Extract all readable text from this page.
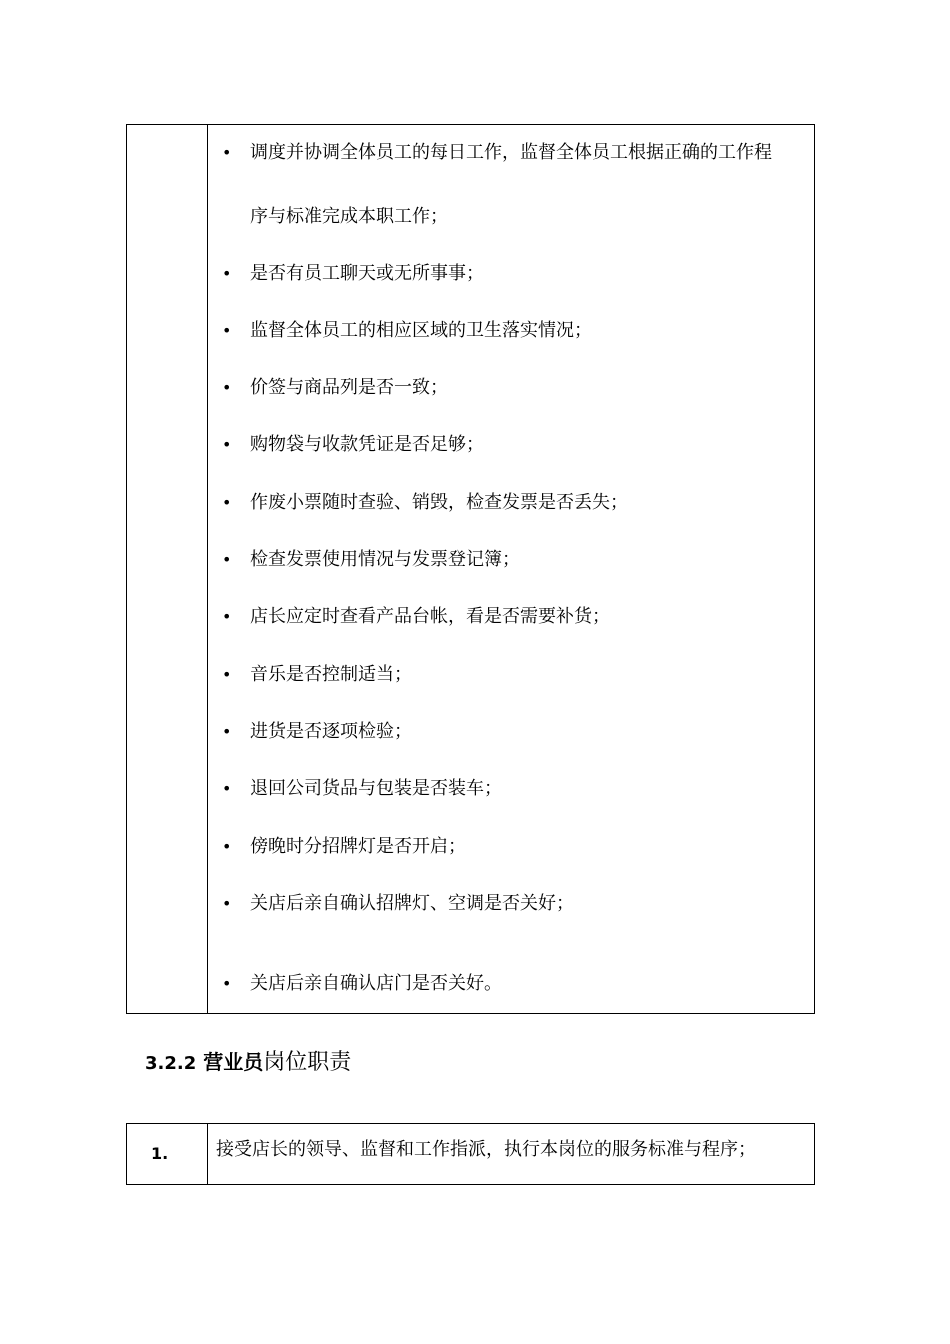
• 调度并协调全体员工的每日工作，监督全体员工根据正确的工作程
序与标准完成本职工作；
• 是否有员工聊天或无所事事；
• 监督全体员工的相应区域的卫生落实情况；
• 价签与商品列是否一致；
• 购物袋与收款凭证是否足够；
• 作废小票随时查验、销毁，检查发票是否丢失；
• 检查发票使用情况与发票登记簿；
• 店长应定时查看产品台帐，看是否需要补货；
• 音乐是否控制适当；
• 进货是否逐项检验；
• 退回公司货品与包装是否装车；
• 傍晚时分招牌灯是否开启；
• 关店后亲自确认招牌灯、空调是否关好；
• 关店后亲自确认店门是否关好。
3.2.2 营业员岗位职责
1.	接受店长的领导、监督和工作指派，执行本岗位的服务标准与程序；
